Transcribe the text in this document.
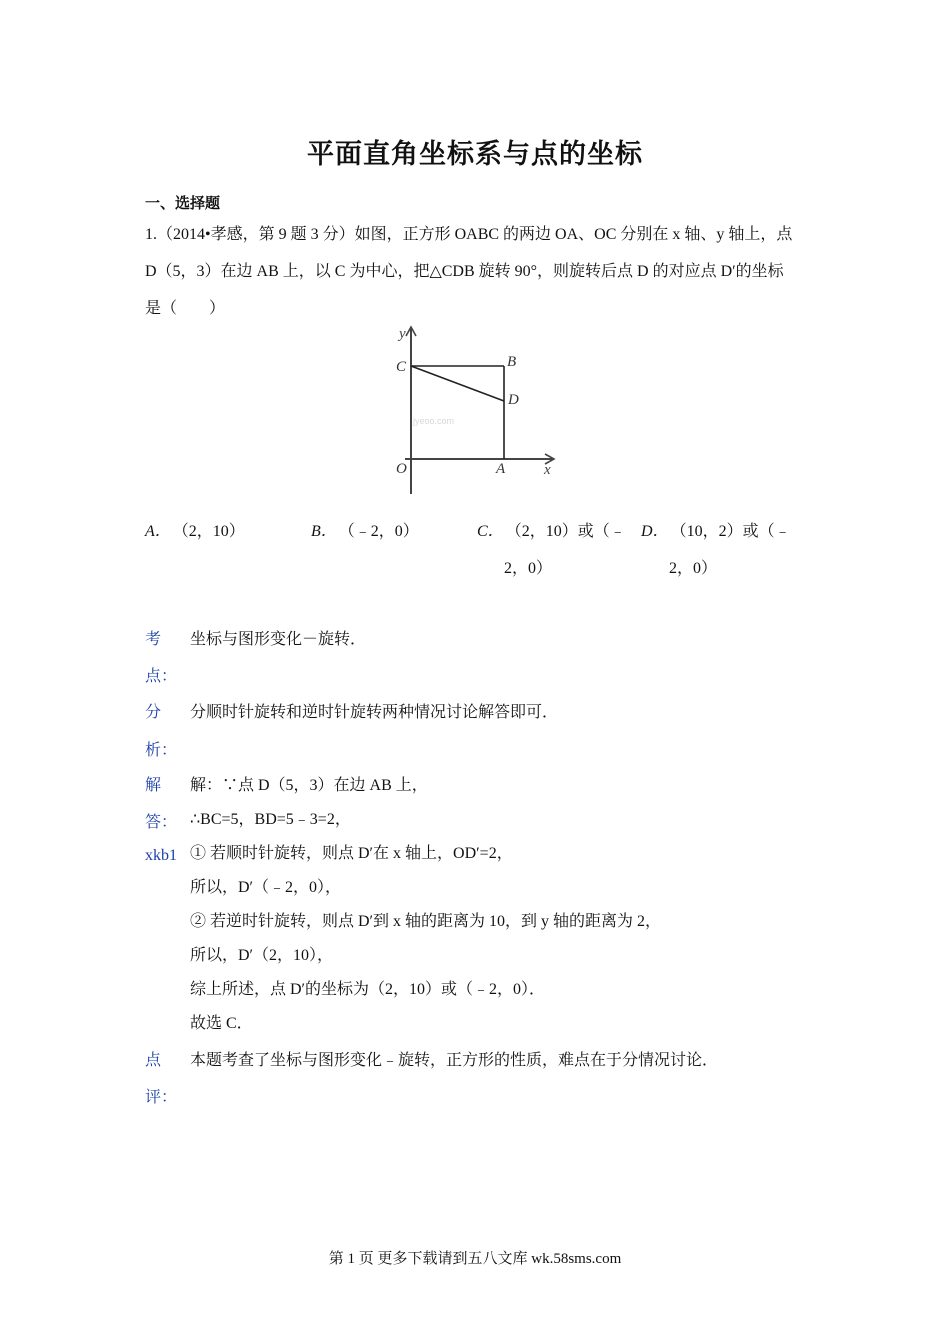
平面直角坐标系与点的坐标
一、选择题
1.（2014•孝感，第 9 题 3 分）如图，正方形 OABC 的两边 OA、OC 分别在 x 轴、y 轴上，点
D（5，3）在边 AB 上，以 C 为中心，把△CDB 旋转 90°，则旋转后点 D 的对应点 D′的坐标
是（　　）
y
x
C	B
D
O	A
jyeoo.com
A． （2，10）	B． （﹣2，0）	C． （2，10）或（﹣
2，0）
D． （10，2）或（﹣
2，0）
考
点：
坐标与图形变化－旋转．
分
析：
分顺时针旋转和逆时针旋转两种情况讨论解答即可．
解
答：
xkb1
解：∵点 D（5，3）在边 AB 上，
∴BC=5，BD=5﹣3=2，
① 若顺时针旋转，则点 D′在 x 轴上，OD′=2，
所以，D′（﹣2，0），
② 若逆时针旋转，则点 D′到 x 轴的距离为 10，到 y 轴的距离为 2，
所以，D′（2，10），
综上所述，点 D′的坐标为（2，10）或（﹣2，0）．
故选 C．
点
评：
本题考查了坐标与图形变化﹣旋转，正方形的性质，难点在于分情况讨论．
第 1 页 更多下载请到五八文库 wk.58sms.com
